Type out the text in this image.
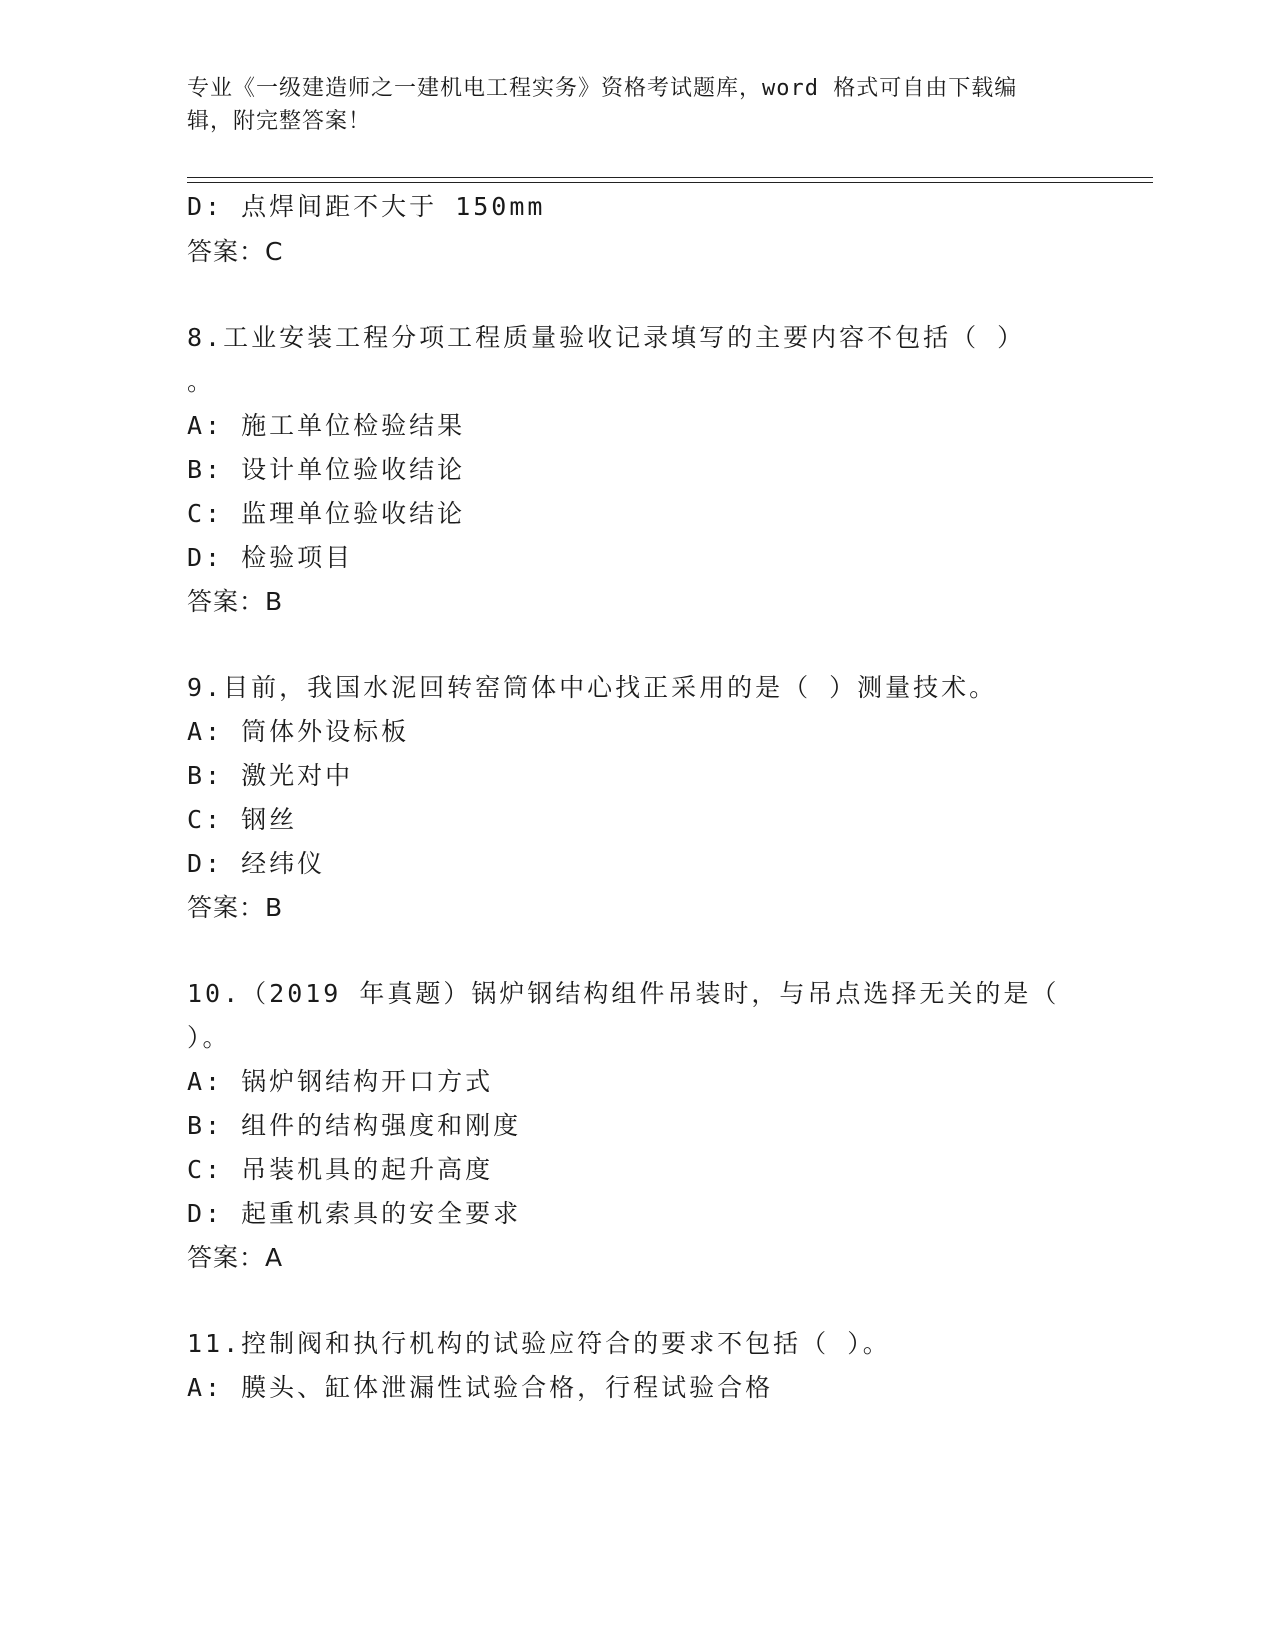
专业《一级建造师之一建机电工程实务》资格考试题库，word 格式可自由下载编
辑，附完整答案！
D: 点焊间距不大于 150mm
答案：C
8.工业安装工程分项工程质量验收记录填写的主要内容不包括（ ）
。
A: 施工单位检验结果
B: 设计单位验收结论
C: 监理单位验收结论
D: 检验项目
答案：B
9.目前，我国水泥回转窑筒体中心找正采用的是（ ）测量技术。
A: 筒体外设标板
B: 激光对中
C: 钢丝
D: 经纬仪
答案：B
10.（2019 年真题）锅炉钢结构组件吊装时，与吊点选择无关的是（
）。
A: 锅炉钢结构开口方式
B: 组件的结构强度和刚度
C: 吊装机具的起升高度
D: 起重机索具的安全要求
答案：A
11.控制阀和执行机构的试验应符合的要求不包括（ ）。
A: 膜头、缸体泄漏性试验合格，行程试验合格
